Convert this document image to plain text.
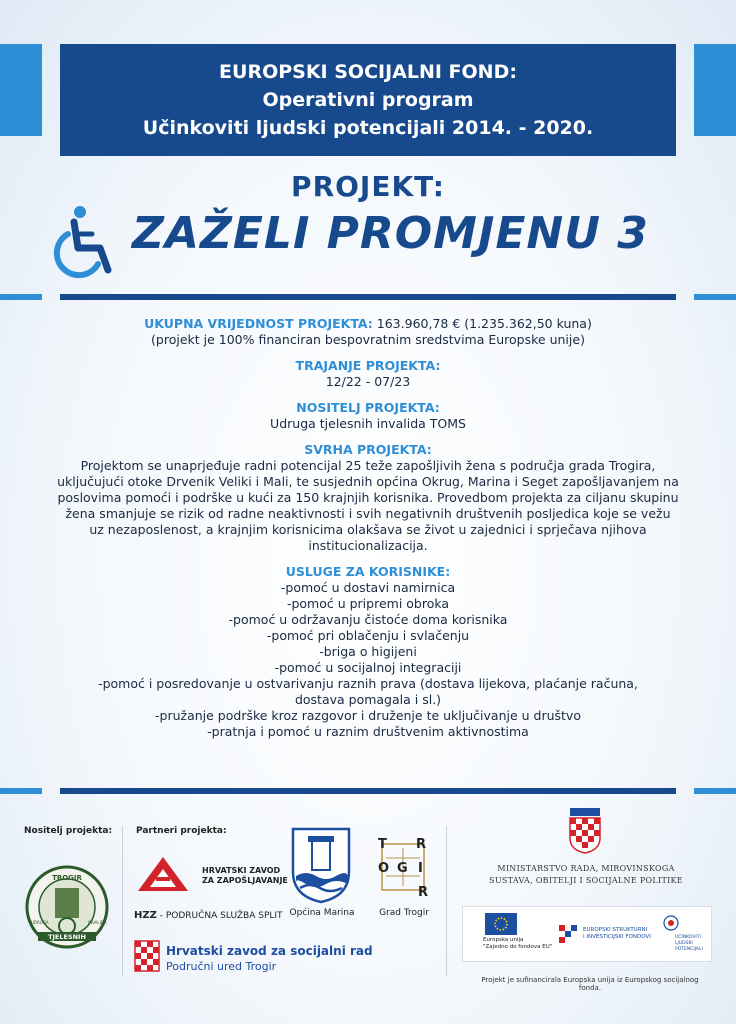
EUROPSKI SOCIJALNI FOND:
Operativni program
Učinkoviti ljudski potencijali 2014. - 2020.
PROJEKT:
ZAŽELI PROMJENU 3
UKUPNA VRIJEDNOST PROJEKTA: 163.960,78 € (1.235.362,50 kuna)
(projekt je 100% financiran bespovratnim sredstvima Europske unije)
TRAJANJE PROJEKTA:
12/22 - 07/23
NOSITELJ PROJEKTA:
Udruga tjelesnih invalida TOMS
SVRHA PROJEKTA:
Projektom se unaprjeđuje radni potencijal 25 teže zapošljivih žena s područja grada Trogira,
uključujući otoke Drvenik Veliki i Mali, te susjednih općina Okrug, Marina i Seget zapošljavanjem na
poslovima pomoći i podrške u kući za 150 krajnjih korisnika. Provedbom projekta za ciljanu skupinu
žena smanjuje se rizik od radne neaktivnosti i svih negativnih društvenih posljedica koje se vežu
uz nezaposlenost, a krajnjim korisnicima olakšava se život u zajednici i sprječava njihova
institucionalizacija.
USLUGE ZA KORISNIKE:
-pomoć u dostavi namirnica
-pomoć u pripremi obroka
-pomoć u održavanju čistoće doma korisnika
-pomoć pri oblačenju i svlačenju
-briga o higijeni
-pomoć u socijalnoj integraciji
-pomoć i posredovanje u ostvarivanju raznih prava (dostava lijekova, plaćanje računa,
dostava pomagala i sl.)
-pružanje podrške kroz razgovor i druženje te uključivanje u društvo
-pratnja i pomoć u raznim društvenim aktivnostima
Nositelj projekta:	Partneri projekta:
TROGIR
TJELESNIH
UDRUGA	INVALIDA
HRVATSKI ZAVOD
ZA ZAPOŠLJAVANJE
HZZ - PODRUČNA SLUŽBA SPLIT Općina Marina
T R
O G I
R
Grad Trogir
Hrvatski zavod za socijalni rad
Područni ured Trogir
MINISTARSTVO RADA, MIROVINSKOGA
SUSTAVA, OBITELJI I SOCIJALNE POLITIKE
Europska unija
"Zajedno do fondova EU"
EUROPSKI STRUKTURNI
I INVESTICIJSKI FONDOVI	UČINKOVITI
LJUDSKI
POTENCIJALI
Projekt je sufinancirala Europska unija iz Europskog socijalnog fonda.
